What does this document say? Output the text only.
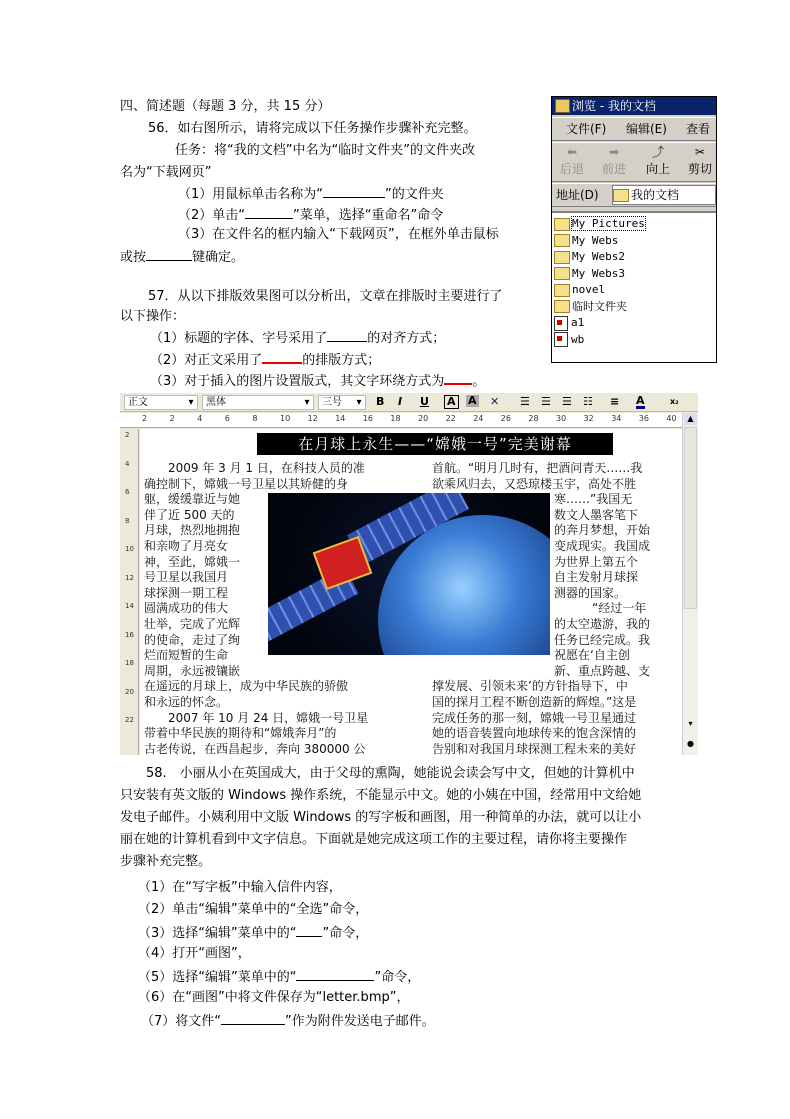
四、简述题（每题 3 分，共 15 分）
56．如右图所示，请将完成以下任务操作步骤补充完整。
任务：将“我的文档”中名为“临时文件夹”的文件夹改
名为“下载网页”
（1）用鼠标单击名称为“	”的文件夹
（2）单击“	”菜单，选择“重命名”命令
（3）在文件名的框内输入“下载网页”，在框外单击鼠标
或按	键确定。
浏览 - 我的文档
文件(F) 编辑(E) 查看
⬅
后退
➡
前进
⤴
向上
✂
剪切
地址(D)	我的文档
My Pictures
My Webs
My Webs2
My Webs3
novel
临时文件夹
a1
wb
57．从以下排版效果图可以分析出，文章在排版时主要进行了
以下操作：
（1）标题的字体、字号采用了	的对齐方式；
（2）对正文采用了	的排版方式；
（3）对于插入的图片设置版式，其文字环绕方式为 。
正文	▾ 黑体	▾ 三号	▾ B I U A A ✕ ☰ ☰ ☰ ☷ ≡ A	x₂
2	2	4	6	8	10 12 14 16 18 20 22 24 26 28 30 32 34 36 40
2
4
6
8
10
12
14
16
18
20
22
在月球上永生——“嫦娥一号”完美谢幕
　　2009 年 3 月 1 日，在科技人员的准
确控制下，嫦娥一号卫星以其矫健的身
躯，缓缓靠近与她
伴了近 500 天的
月球，热烈地拥抱
和亲吻了月亮女
神，至此，嫦娥一
号卫星以我国月
球探测一期工程
圆满成功的伟大
壮举，完成了光辉
的使命，走过了绚
烂而短暂的生命
周期，永远被镶嵌
在遥远的月球上，成为中华民族的骄傲
和永远的怀念。
　　2007 年 10 月 24 日，嫦娥一号卫星
带着中华民族的期待和“嫦娥奔月”的
古老传说，在西昌起步，奔向 380000 公
首航。“明月几时有，把酒问青天……我
欲乘风归去，又恐琼楼玉宇，高处不胜
寒……”我国无
数文人墨客笔下
的奔月梦想，开始
变成现实。我国成
为世界上第五个
自主发射月球探
测器的国家。
　“经过一年
的太空遨游，我的
任务已经完成。我
祝愿在‘自主创
新、重点跨越、支
撑发展、引领未来’的方针指导下，中
国的探月工程不断创造新的辉煌。”这是
完成任务的那一刻，嫦娥一号卫星通过
她的语音装置向地球传来的饱含深情的
告别和对我国月球探测工程未来的美好
▲
▾
●
　　58.　小丽从小在英国成大，由于父母的熏陶，她能说会读会写中文，但她的计算机中
只安装有英文版的 Windows 操作系统，不能显示中文。她的小姨在中国，经常用中文给她
发电子邮件。小姨利用中文版 Windows 的写字板和画图，用一种简单的办法，就可以让小
丽在她的计算机看到中文字信息。下面就是她完成这项工作的主要过程，请你将主要操作
步骤补充完整。
（1）在“写字板”中输入信件内容，
（2）单击“编辑”菜单中的“全选”命令，
（3）选择“编辑”菜单中的“ ”命令，
（4）打开“画图”，
（5）选择“编辑”菜单中的“	”命令，
（6）在“画图”中将文件保存为“letter.bmp”，
（7）将文件“	”作为附件发送电子邮件。
